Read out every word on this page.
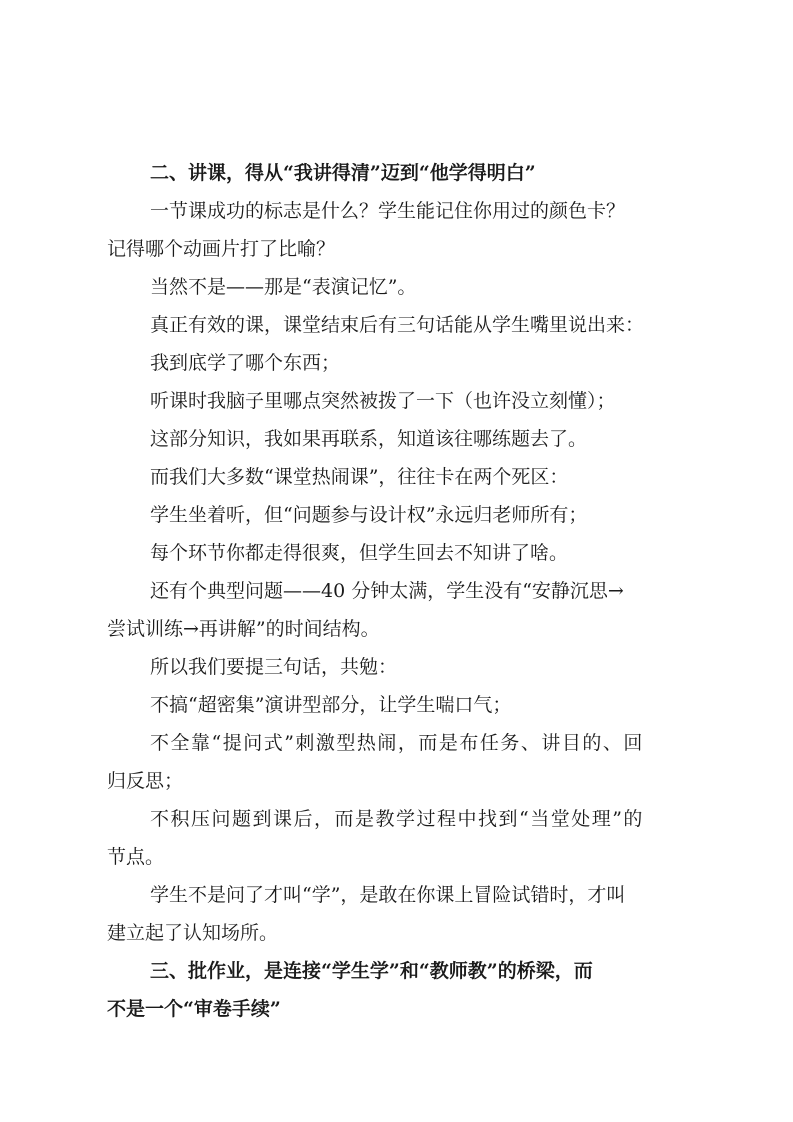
二、讲课，得从“我讲得清”迈到“他学得明白”

一节课成功的标志是什么？学生能记住你用过的颜色卡？

记得哪个动画片打了比喻？

当然不是——那是“表演记忆”。

真正有效的课，课堂结束后有三句话能从学生嘴里说出来：

我到底学了哪个东西；

听课时我脑子里哪点突然被拨了一下（也许没立刻懂）；

这部分知识，我如果再联系，知道该往哪练题去了。

而我们大多数“课堂热闹课”，往往卡在两个死区：

学生坐着听，但“问题参与设计权”永远归老师所有；

每个环节你都走得很爽，但学生回去不知讲了啥。

还有个典型问题——40 分钟太满，学生没有“安静沉思→

尝试训练→再讲解”的时间结构。

所以我们要提三句话，共勉：

不搞“超密集”演讲型部分，让学生喘口气；

不全靠“提问式”刺激型热闹，而是布任务、讲目的、回

归反思；

不积压问题到课后，而是教学过程中找到“当堂处理”的

节点。

学生不是问了才叫“学”，是敢在你课上冒险试错时，才叫

建立起了认知场所。

三、批作业，是连接“学生学”和“教师教”的桥梁，而

不是一个“审卷手续”
